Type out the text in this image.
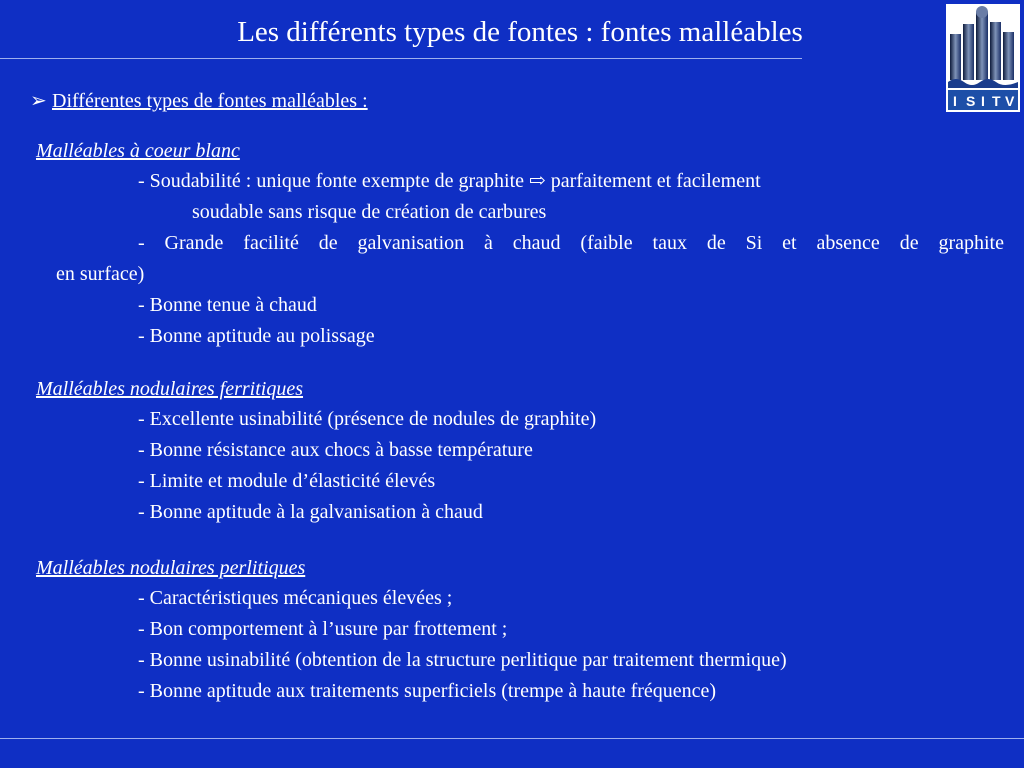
Les différents types de fontes : fontes malléables
I S I T V
➢ Différentes types de fontes malléables :
Malléables à coeur blanc
- Soudabilité : unique fonte exempte de graphite ⇨ parfaitement et facilement
soudable sans risque de création de carbures
- Grande facilité de galvanisation à chaud (faible taux de Si et absence de graphite
en surface)
- Bonne tenue à chaud
- Bonne aptitude au polissage
Malléables nodulaires ferritiques
- Excellente usinabilité (présence de nodules de graphite)
- Bonne résistance aux chocs à basse température
- Limite et module d’élasticité élevés
- Bonne aptitude à la galvanisation à chaud
Malléables nodulaires perlitiques
- Caractéristiques mécaniques élevées ;
- Bon comportement à l’usure par frottement ;
- Bonne usinabilité (obtention de la structure perlitique par traitement thermique)
- Bonne aptitude aux traitements superficiels (trempe à haute fréquence)
